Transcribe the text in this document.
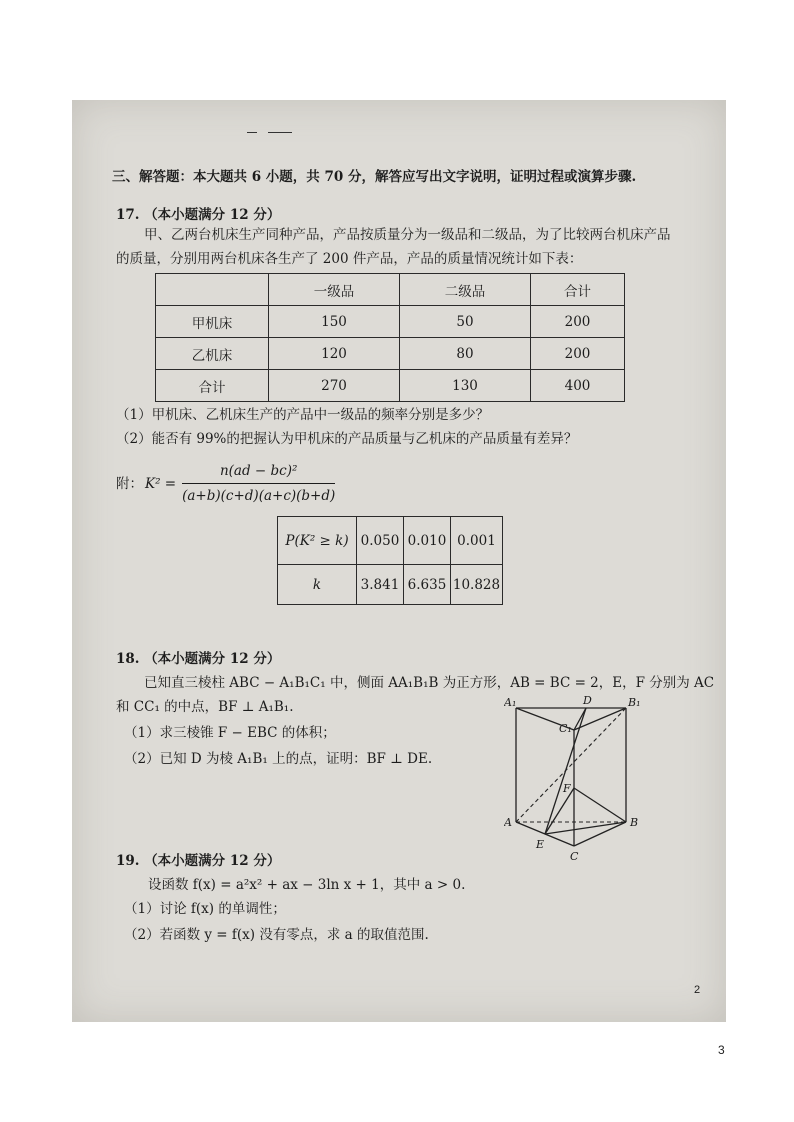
三、解答题：本大题共 6 小题，共 70 分，解答应写出文字说明，证明过程或演算步骤.
17. （本小题满分 12 分）
甲、乙两台机床生产同种产品，产品按质量分为一级品和二级品，为了比较两台机床产品
的质量，分别用两台机床各生产了 200 件产品，产品的质量情况统计如下表：
	一级品	二级品	合计
甲机床	150	50	200
乙机床	120	80	200
合计	270	130	400
（1）甲机床、乙机床生产的产品中一级品的频率分别是多少？
（2）能否有 99%的把握认为甲机床的产品质量与乙机床的产品质量有差异？
附： $K^2 = \frac{\text{n(ad − bc)²}}{(a+b)(c+d)(a+c)(b+d)}$
P(K² ≥ k)	0.050	0.010	0.001
k	3.841	6.635	10.828
18. （本小题满分 12 分）
已知直三棱柱 ABC − A₁B₁C₁ 中，侧面 AA₁B₁B 为正方形，AB = BC = 2，E，F 分别为 AC
和 CC₁ 的中点，BF ⊥ A₁B₁.
（1）求三棱锥 F − EBC 的体积；
（2）已知 D 为棱 A₁B₁ 上的点，证明：BF ⊥ DE.
A₁	D	B₁
C₁
F
A	B
E
C
19. （本小题满分 12 分）
设函数 f(x) = a²x² + ax − 3ln x + 1，其中 a > 0.
（1）讨论 f(x) 的单调性；
（2）若函数 y = f(x) 没有零点，求 a 的取值范围.
2
3
